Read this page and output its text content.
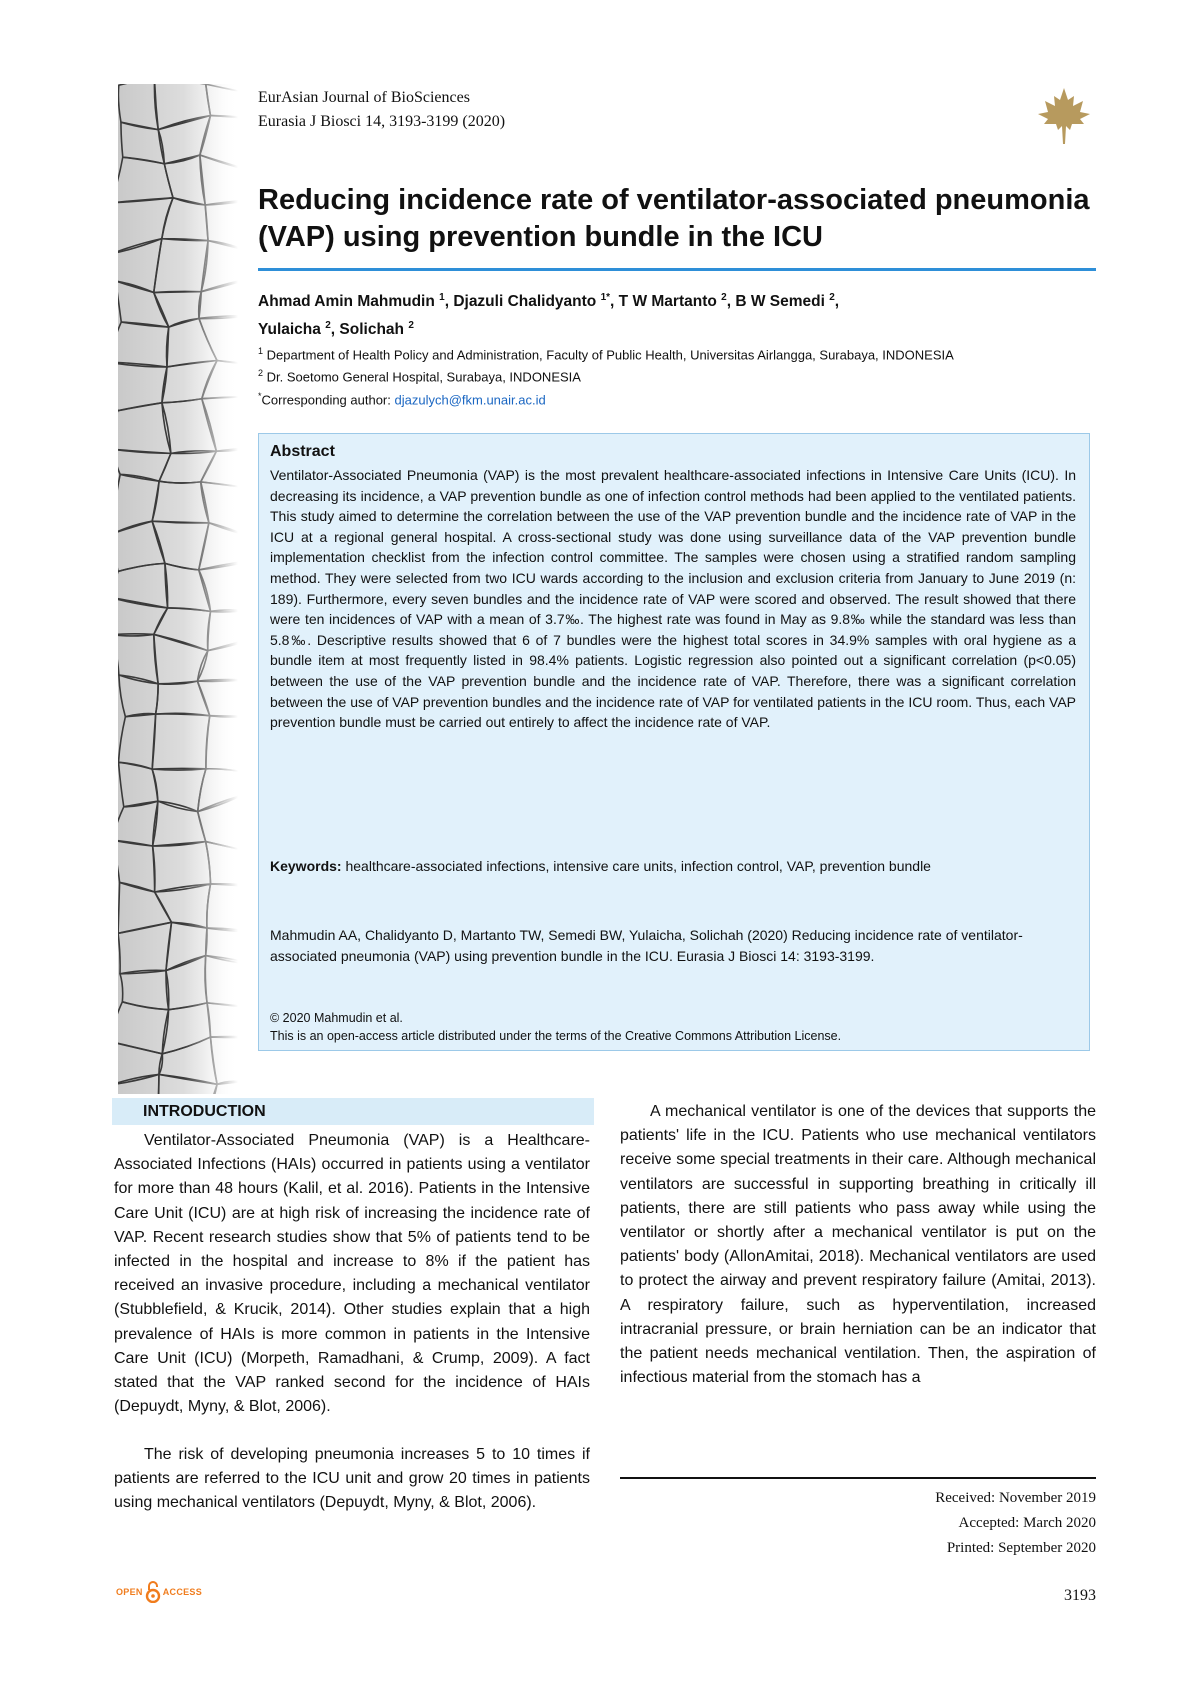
EurAsian Journal of BioSciences
Eurasia J Biosci 14, 3193-3199 (2020)
Reducing incidence rate of ventilator-associated pneumonia (VAP) using prevention bundle in the ICU
Ahmad Amin Mahmudin $^1$, Djazuli Chalidyanto $^{1*}$, T W Martanto $^2$, B W Semedi $^2$,
Yulaicha $^2$, Solichah $^2$
$^1$ Department of Health Policy and Administration, Faculty of Public Health, Universitas Airlangga, Surabaya, INDONESIA
$^2$ Dr. Soetomo General Hospital, Surabaya, INDONESIA
*Corresponding author: djazulych@fkm.unair.ac.id
Abstract

Ventilator-Associated Pneumonia (VAP) is the most prevalent healthcare-associated infections in Intensive Care Units (ICU). In decreasing its incidence, a VAP prevention bundle as one of infection control methods had been applied to the ventilated patients. This study aimed to determine the correlation between the use of the VAP prevention bundle and the incidence rate of VAP in the ICU at a regional general hospital. A cross-sectional study was done using surveillance data of the VAP prevention bundle implementation checklist from the infection control committee. The samples were chosen using a stratified random sampling method. They were selected from two ICU wards according to the inclusion and exclusion criteria from January to June 2019 (n: 189). Furthermore, every seven bundles and the incidence rate of VAP were scored and observed. The result showed that there were ten incidences of VAP with a mean of 3.7‰. The highest rate was found in May as 9.8‰ while the standard was less than 5.8‰. Descriptive results showed that 6 of 7 bundles were the highest total scores in 34.9% samples with oral hygiene as a bundle item at most frequently listed in 98.4% patients. Logistic regression also pointed out a significant correlation (p<0.05) between the use of the VAP prevention bundle and the incidence rate of VAP. Therefore, there was a significant correlation between the use of VAP prevention bundles and the incidence rate of VAP for ventilated patients in the ICU room. Thus, each VAP prevention bundle must be carried out entirely to affect the incidence rate of VAP.

Keywords: healthcare-associated infections, intensive care units, infection control, VAP, prevention bundle

Mahmudin AA, Chalidyanto D, Martanto TW, Semedi BW, Yulaicha, Solichah (2020) Reducing incidence rate of ventilator-associated pneumonia (VAP) using prevention bundle in the ICU. Eurasia J Biosci 14: 3193-3199.

© 2020 Mahmudin et al.
This is an open-access article distributed under the terms of the Creative Commons Attribution License.
INTRODUCTION

Ventilator-Associated Pneumonia (VAP) is a Healthcare-Associated Infections (HAIs) occurred in patients using a ventilator for more than 48 hours (Kalil, et al. 2016). Patients in the Intensive Care Unit (ICU) are at high risk of increasing the incidence rate of VAP. Recent research studies show that 5% of patients tend to be infected in the hospital and increase to 8% if the patient has received an invasive procedure, including a mechanical ventilator (Stubblefield, & Krucik, 2014). Other studies explain that a high prevalence of HAIs is more common in patients in the Intensive Care Unit (ICU) (Morpeth, Ramadhani, & Crump, 2009). A fact stated that the VAP ranked second for the incidence of HAIs (Depuydt, Myny, & Blot, 2006).

The risk of developing pneumonia increases 5 to 10 times if patients are referred to the ICU unit and grow 20 times in patients using mechanical ventilators (Depuydt, Myny, & Blot, 2006).

A mechanical ventilator is one of the devices that supports the patients' life in the ICU. Patients who use mechanical ventilators receive some special treatments in their care. Although mechanical ventilators are successful in supporting breathing in critically ill patients, there are still patients who pass away while using the ventilator or shortly after a mechanical ventilator is put on the patients' body (AllonAmitai, 2018). Mechanical ventilators are used to protect the airway and prevent respiratory failure (Amitai, 2013). A respiratory failure, such as hyperventilation, increased intracranial pressure, or brain herniation can be an indicator that the patient needs mechanical ventilation. Then, the aspiration of infectious material from the stomach has a

Received: November 2019
Accepted: March 2020
Printed: September 2020
OPEN ACCESS	3193
